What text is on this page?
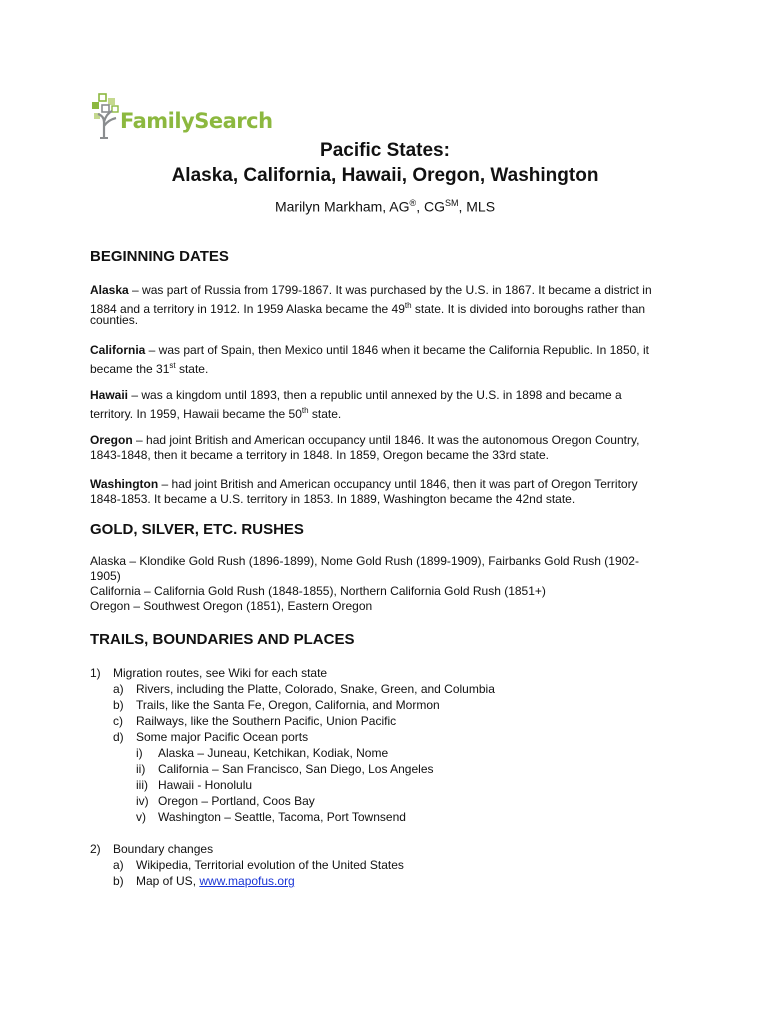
FamilySearch
Pacific States:
Alaska, California, Hawaii, Oregon, Washington
Marilyn Markham, AG®, CG℠, MLS
BEGINNING DATES
Alaska – was part of Russia from 1799-1867. It was purchased by the U.S. in 1867. It became a district in
1884 and a territory in 1912. In 1959 Alaska became the 49th state. It is divided into boroughs rather than
counties.
California – was part of Spain, then Mexico until 1846 when it became the California Republic. In 1850, it
became the 31st state.
Hawaii – was a kingdom until 1893, then a republic until annexed by the U.S. in 1898 and became a
territory. In 1959, Hawaii became the 50th state.
Oregon – had joint British and American occupancy until 1846. It was the autonomous Oregon Country,
1843-1848, then it became a territory in 1848. In 1859, Oregon became the 33rd state.
Washington – had joint British and American occupancy until 1846, then it was part of Oregon Territory
1848-1853. It became a U.S. territory in 1853. In 1889, Washington became the 42nd state.
GOLD, SILVER, ETC. RUSHES
Alaska – Klondike Gold Rush (1896-1899), Nome Gold Rush (1899-1909), Fairbanks Gold Rush (1902-
1905)
California – California Gold Rush (1848-1855), Northern California Gold Rush (1851+)
Oregon – Southwest Oregon (1851), Eastern Oregon
TRAILS, BOUNDARIES AND PLACES
1) Migration routes, see Wiki for each state
a) Rivers, including the Platte, Colorado, Snake, Green, and Columbia
b) Trails, like the Santa Fe, Oregon, California, and Mormon
c) Railways, like the Southern Pacific, Union Pacific
d) Some major Pacific Ocean ports
i) Alaska – Juneau, Ketchikan, Kodiak, Nome
ii) California – San Francisco, San Diego, Los Angeles
iii) Hawaii - Honolulu
iv) Oregon – Portland, Coos Bay
v) Washington – Seattle, Tacoma, Port Townsend
2) Boundary changes
a) Wikipedia, Territorial evolution of the United States
b) Map of US, www.mapofus.org
